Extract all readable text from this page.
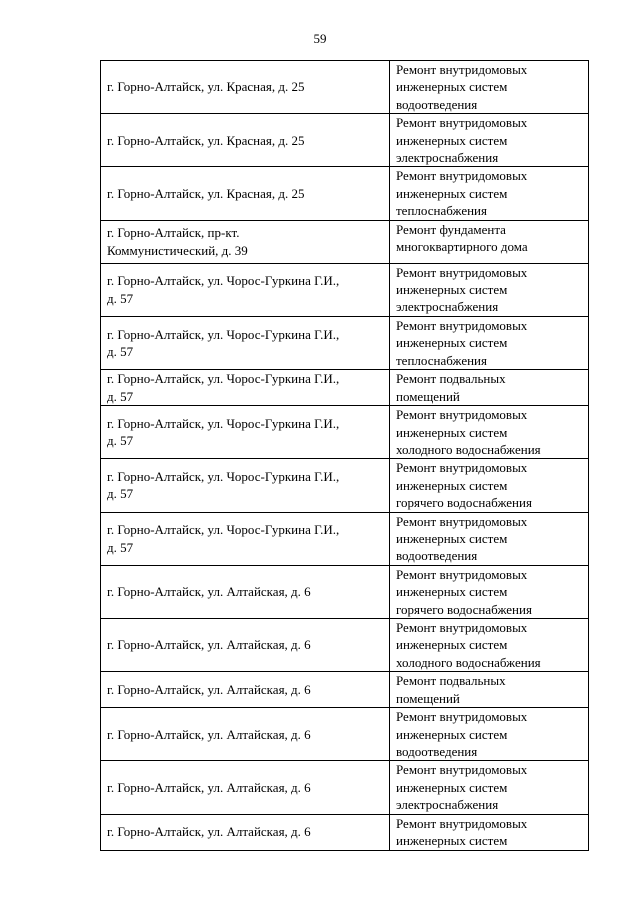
59
г. Горно-Алтайск, ул. Красная, д. 25	Ремонт внутридомовых
инженерных систем
водоотведения

г. Горно-Алтайск, ул. Красная, д. 25	Ремонт внутридомовых
инженерных систем
электроснабжения

г. Горно-Алтайск, ул. Красная, д. 25	Ремонт внутридомовых
инженерных систем
теплоснабжения

г. Горно-Алтайск, пр-кт.
Коммунистический, д. 39	Ремонт фундамента
многоквартирного дома

г. Горно-Алтайск, ул. Чорос-Гуркина Г.И.,
д. 57	Ремонт внутридомовых
инженерных систем
электроснабжения

г. Горно-Алтайск, ул. Чорос-Гуркина Г.И.,
д. 57	Ремонт внутридомовых
инженерных систем
теплоснабжения

г. Горно-Алтайск, ул. Чорос-Гуркина Г.И.,
д. 57	Ремонт подвальных
помещений

г. Горно-Алтайск, ул. Чорос-Гуркина Г.И.,
д. 57	Ремонт внутридомовых
инженерных систем
холодного водоснабжения

г. Горно-Алтайск, ул. Чорос-Гуркина Г.И.,
д. 57	Ремонт внутридомовых
инженерных систем
горячего водоснабжения

г. Горно-Алтайск, ул. Чорос-Гуркина Г.И.,
д. 57	Ремонт внутридомовых
инженерных систем
водоотведения

г. Горно-Алтайск, ул. Алтайская, д. 6	Ремонт внутридомовых
инженерных систем
горячего водоснабжения

г. Горно-Алтайск, ул. Алтайская, д. 6	Ремонт внутридомовых
инженерных систем
холодного водоснабжения

г. Горно-Алтайск, ул. Алтайская, д. 6	Ремонт подвальных
помещений

г. Горно-Алтайск, ул. Алтайская, д. 6	Ремонт внутридомовых
инженерных систем
водоотведения

г. Горно-Алтайск, ул. Алтайская, д. 6	Ремонт внутридомовых
инженерных систем
электроснабжения

г. Горно-Алтайск, ул. Алтайская, д. 6	Ремонт внутридомовых
инженерных систем
